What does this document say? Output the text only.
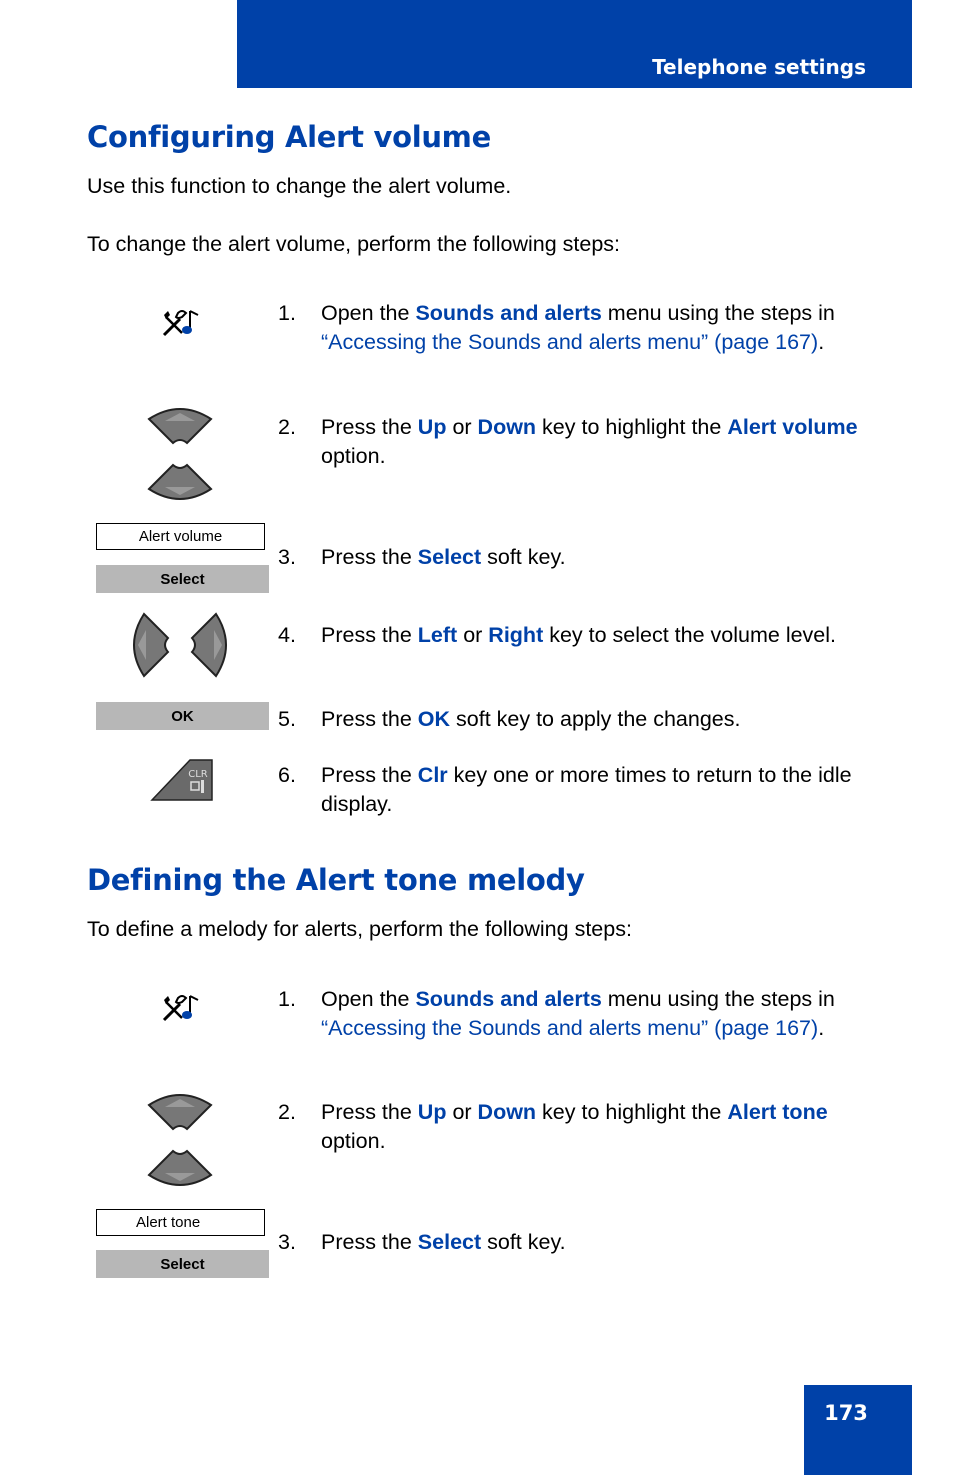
Telephone settings
Configuring Alert volume

Use this function to change the alert volume.

To change the alert volume, perform the following steps:

Alert volume
Select
OK
CLR
1. Open the Sounds and alerts menu using the steps in “Accessing the Sounds and alerts menu” (page 167).
2. Press the Up or Down key to highlight the Alert volume option.
3. Press the Select soft key.
4. Press the Left or Right key to select the volume level.
5. Press the OK soft key to apply the changes.
6. Press the Clr key one or more times to return to the idle display.
Defining the Alert tone melody

To define a melody for alerts, perform the following steps:

Alert tone
Select
1. Open the Sounds and alerts menu using the steps in “Accessing the Sounds and alerts menu” (page 167).
2. Press the Up or Down key to highlight the Alert tone option.
3. Press the Select soft key.
173
